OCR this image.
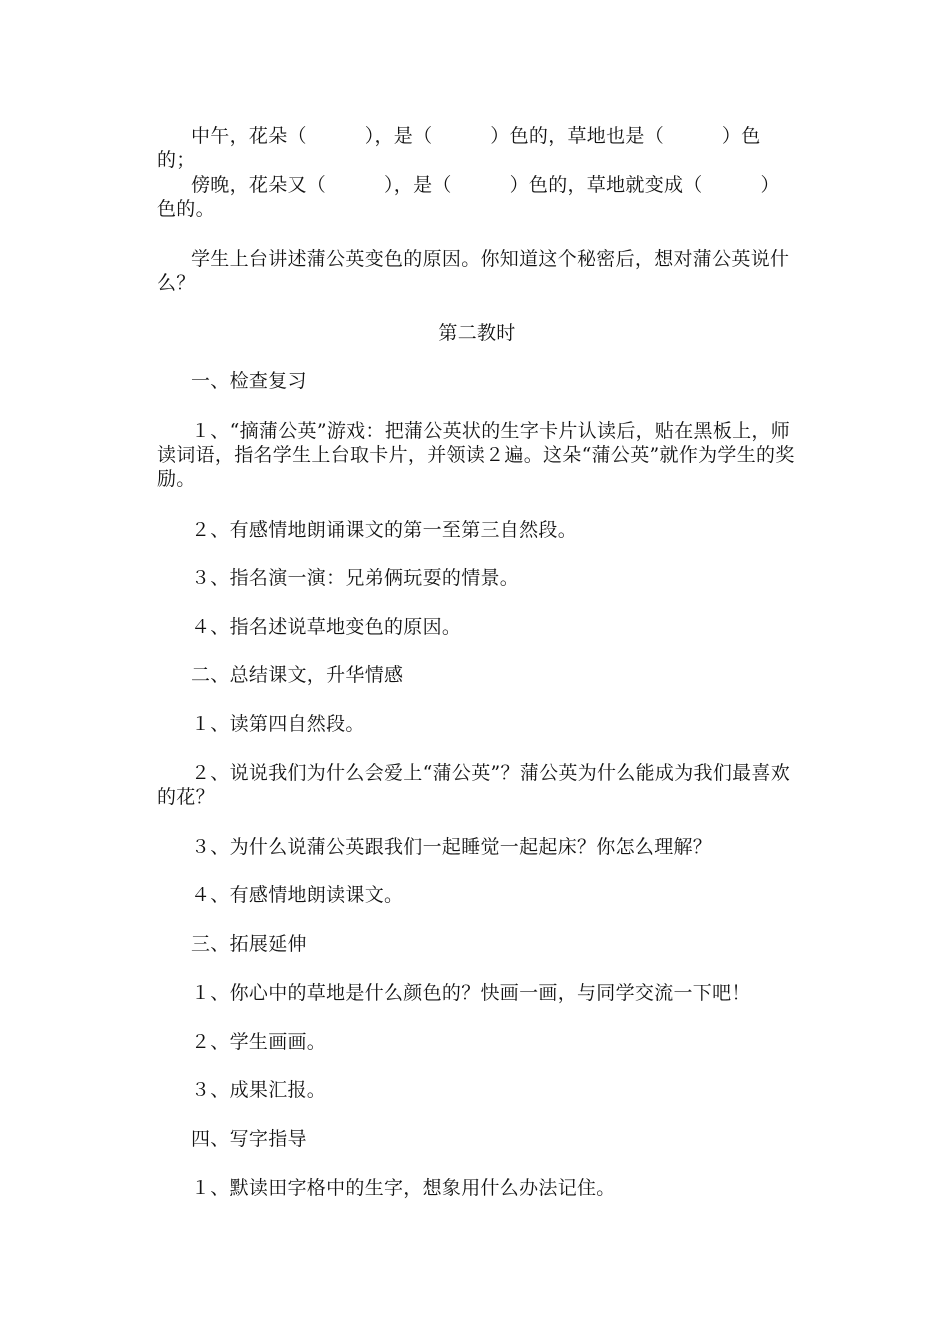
中午，花朵（　　　），是（　　　）色的，草地也是（　　　）色的；

傍晚，花朵又（　　　），是（　　　）色的，草地就变成（　　　）色的。

学生上台讲述蒲公英变色的原因。你知道这个秘密后，想对蒲公英说什么？

第二教时

一、检查复习

１、“摘蒲公英”游戏：把蒲公英状的生字卡片认读后，贴在黑板上，师读词语，指名学生上台取卡片，并领读２遍。这朵“蒲公英”就作为学生的奖励。

２、有感情地朗诵课文的第一至第三自然段。

３、指名演一演：兄弟俩玩耍的情景。

４、指名述说草地变色的原因。

二、总结课文，升华情感

１、读第四自然段。

２、说说我们为什么会爱上“蒲公英”？蒲公英为什么能成为我们最喜欢的花？

３、为什么说蒲公英跟我们一起睡觉一起起床？你怎么理解？

４、有感情地朗读课文。

三、拓展延伸

１、你心中的草地是什么颜色的？快画一画，与同学交流一下吧！

２、学生画画。

３、成果汇报。

四、写字指导

１、默读田字格中的生字，想象用什么办法记住。
